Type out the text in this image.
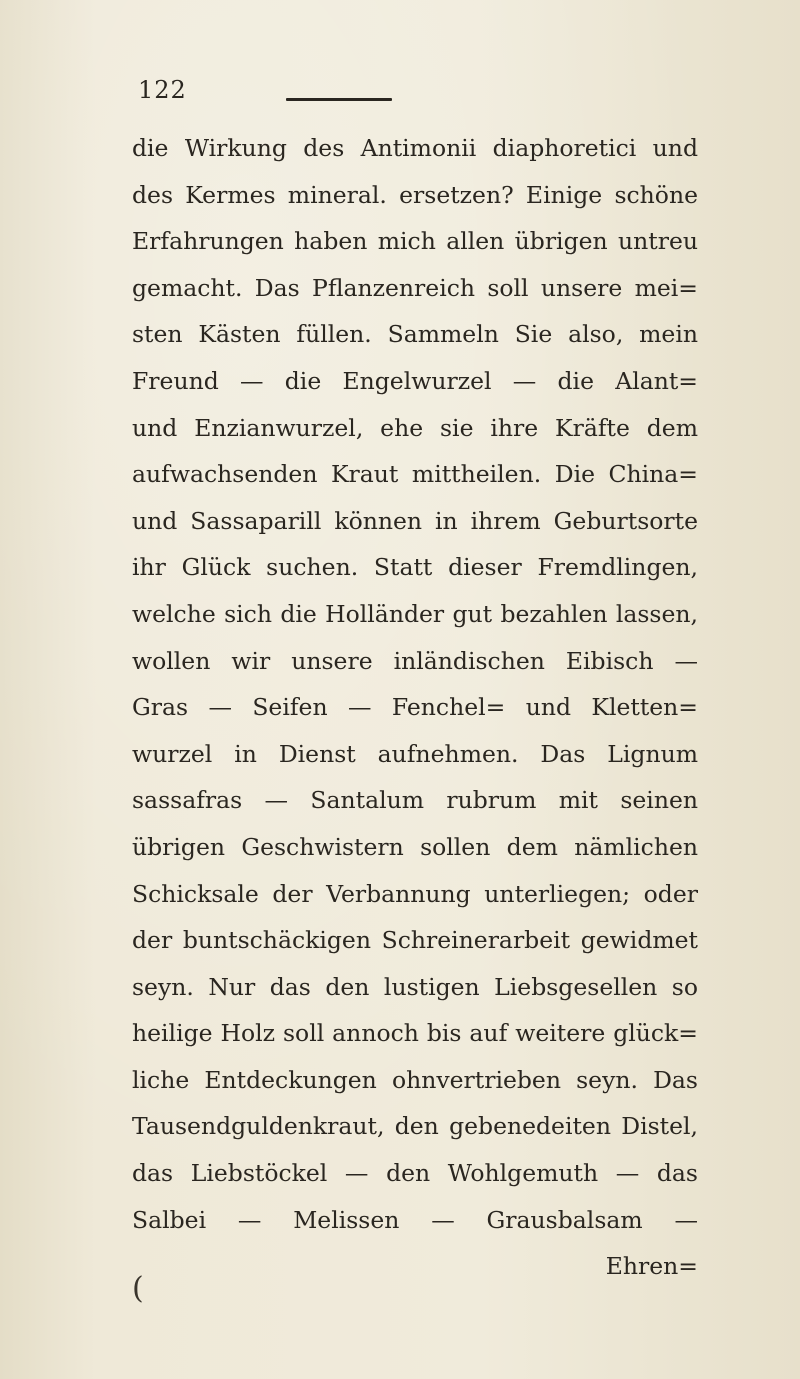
122
die Wirkung des Antimonii diaphoretici und
des Kermes mineral. ersetzen? Einige schöne
Erfahrungen haben mich allen übrigen untreu
gemacht. Das Pflanzenreich soll unsere mei=
sten Kästen füllen. Sammeln Sie also, mein
Freund — die Engelwurzel — die Alant=
und Enzianwurzel, ehe sie ihre Kräfte dem
aufwachsenden Kraut mittheilen. Die China=
und Sassaparill können in ihrem Geburtsorte
ihr Glück suchen. Statt dieser Fremdlingen,
welche sich die Holländer gut bezahlen lassen,
wollen wir unsere inländischen Eibisch —
Gras — Seifen — Fenchel= und Kletten=
wurzel in Dienst aufnehmen. Das Lignum
sassafras — Santalum rubrum mit seinen
übrigen Geschwistern sollen dem nämlichen
Schicksale der Verbannung unterliegen; oder
der buntschäckigen Schreinerarbeit gewidmet
seyn. Nur das den lustigen Liebsgesellen so
heilige Holz soll annoch bis auf weitere glück=
liche Entdeckungen ohnvertrieben seyn. Das
Tausendguldenkraut, den gebenedeiten Distel,
das Liebstöckel — den Wohlgemuth — das
Salbei — Melissen — Grausbalsam —
Ehren=
(
